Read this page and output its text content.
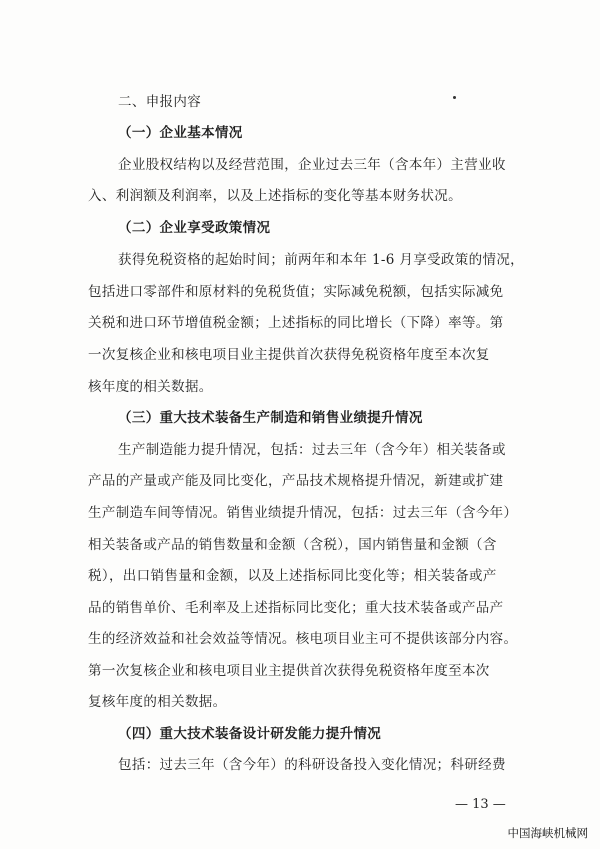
二、申报内容
（一）企业基本情况
企业股权结构以及经营范围，企业过去三年（含本年）主营业收
入、利润额及利润率，以及上述指标的变化等基本财务状况。
（二）企业享受政策情况
获得免税资格的起始时间；前两年和本年 1-6 月享受政策的情况，
包括进口零部件和原材料的免税货值；实际减免税额，包括实际减免
关税和进口环节增值税金额；上述指标的同比增长（下降）率等。第
一次复核企业和核电项目业主提供首次获得免税资格年度至本次复
核年度的相关数据。
（三）重大技术装备生产制造和销售业绩提升情况
生产制造能力提升情况，包括：过去三年（含今年）相关装备或
产品的产量或产能及同比变化，产品技术规格提升情况，新建或扩建
生产制造车间等情况。销售业绩提升情况，包括：过去三年（含今年）
相关装备或产品的销售数量和金额（含税），国内销售量和金额（含
税），出口销售量和金额，以及上述指标同比变化等；相关装备或产
品的销售单价、毛利率及上述指标同比变化；重大技术装备或产品产
生的经济效益和社会效益等情况。核电项目业主可不提供该部分内容。
第一次复核企业和核电项目业主提供首次获得免税资格年度至本次
复核年度的相关数据。
（四）重大技术装备设计研发能力提升情况
包括：过去三年（含今年）的科研设备投入变化情况；科研经费
— 13 —
中国海峡机械网
